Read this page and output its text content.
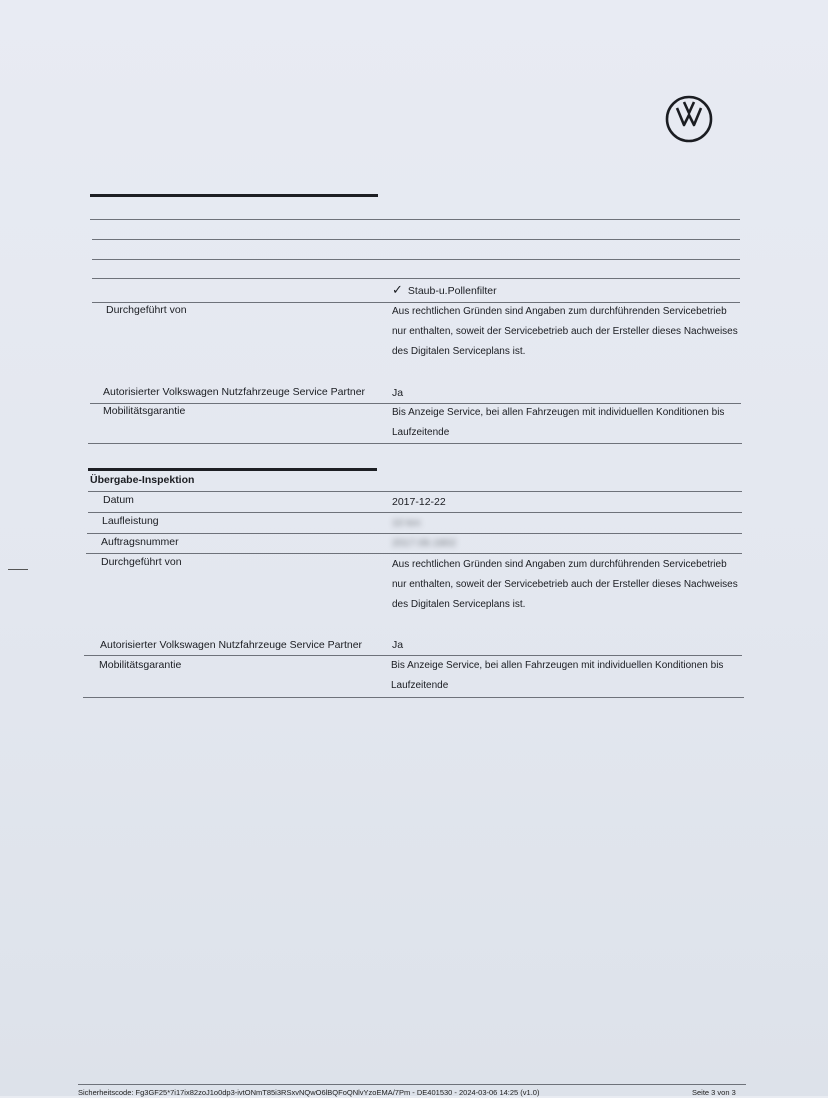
✓ Staub-u.Pollenfilter
Durchgeführt von	Aus rechtlichen Gründen sind Angaben zum durchführenden Servicebetrieb nur enthalten, soweit der Servicebetrieb auch der Ersteller dieses Nachweises des Digitalen Serviceplans ist.
Autorisierter Volkswagen Nutzfahrzeuge Service Partner	Ja
Mobilitätsgarantie	Bis Anzeige Service, bei allen Fahrzeugen mit individuellen Konditionen bis Laufzeitende
Übergabe-Inspektion
Datum	2017-12-22
Laufleistung	10 km
Auftragsnummer	2017.06.1802
Durchgeführt von	Aus rechtlichen Gründen sind Angaben zum durchführenden Servicebetrieb nur enthalten, soweit der Servicebetrieb auch der Ersteller dieses Nachweises des Digitalen Serviceplans ist.
Autorisierter Volkswagen Nutzfahrzeuge Service Partner	Ja
Mobilitätsgarantie	Bis Anzeige Service, bei allen Fahrzeugen mit individuellen Konditionen bis Laufzeitende
Sicherheitscode: Fg3GF25*7i17ix82zoJ1o0dp3-ivtONmT85i3RSxvNQwO6lBQFoQNlvYzoEMA/7Pm - DE401530 - 2024-03-06 14:25 (v1.0)	Seite 3 von 3
